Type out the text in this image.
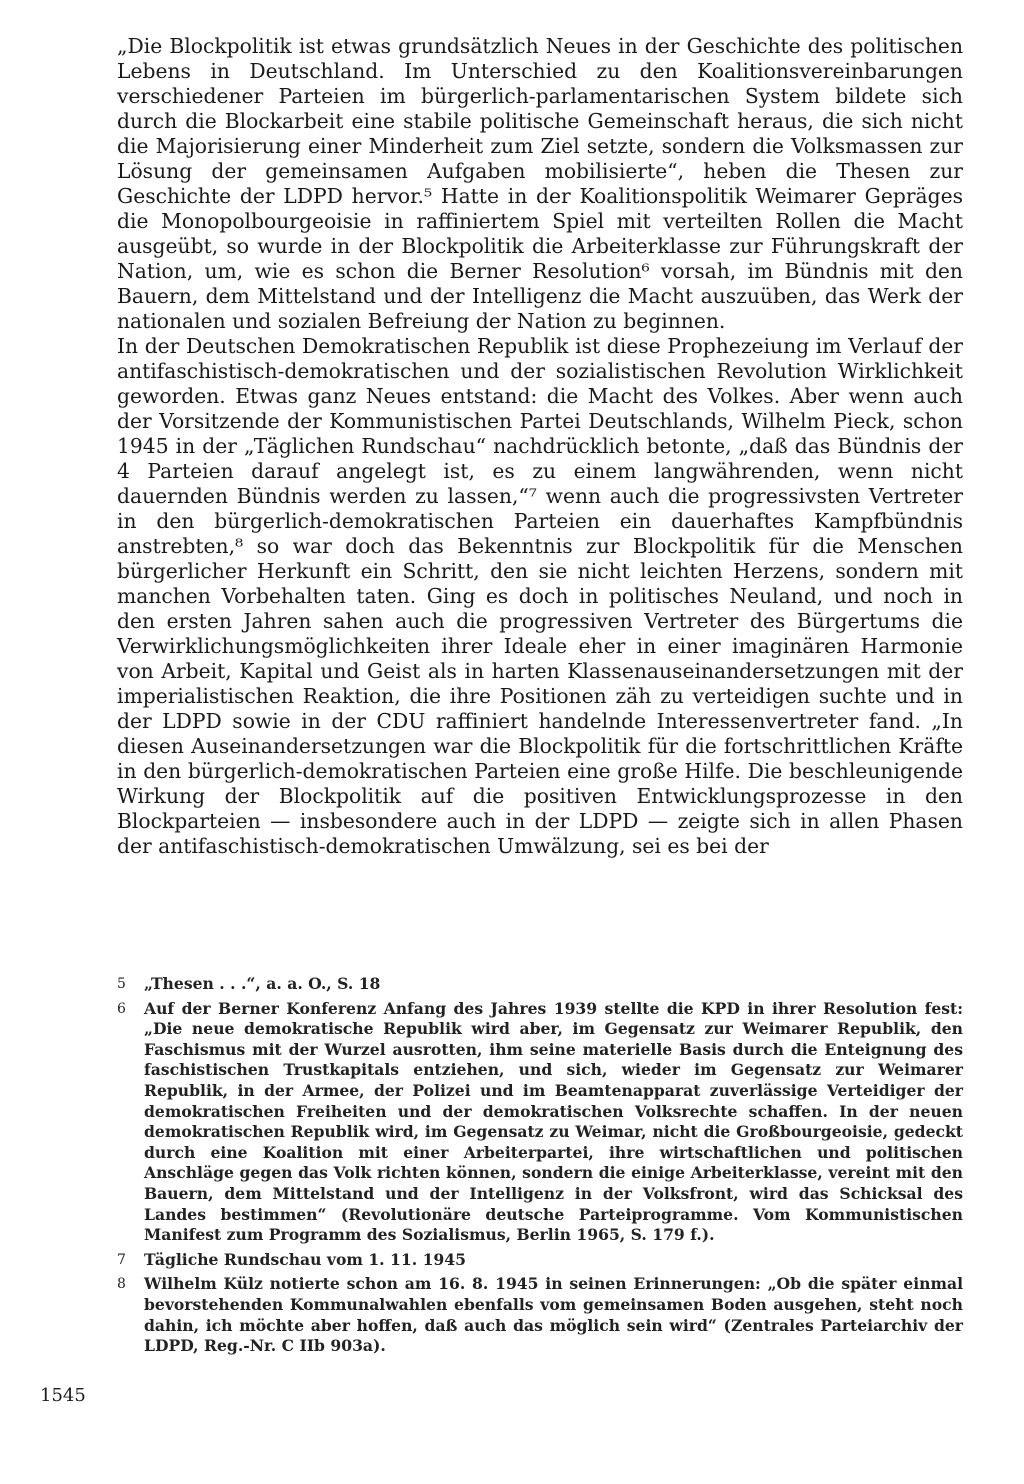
„Die Blockpolitik ist etwas grundsätzlich Neues in der Geschichte des politischen Lebens in Deutschland. Im Unterschied zu den Koalitionsvereinbarungen verschiedener Parteien im bürgerlich-parlamentarischen System bildete sich durch die Blockarbeit eine stabile politische Gemeinschaft heraus, die sich nicht die Majorisierung einer Minderheit zum Ziel setzte, sondern die Volksmassen zur Lösung der gemeinsamen Aufgaben mobilisierte“, heben die Thesen zur Geschichte der LDPD hervor.⁵ Hatte in der Koalitionspolitik Weimarer Gepräges die Monopolbourgeoisie in raffiniertem Spiel mit verteilten Rollen die Macht ausgeübt, so wurde in der Blockpolitik die Arbeiterklasse zur Führungskraft der Nation, um, wie es schon die Berner Resolution⁶ vorsah, im Bündnis mit den Bauern, dem Mittelstand und der Intelligenz die Macht auszuüben, das Werk der nationalen und sozialen Befreiung der Nation zu beginnen.

In der Deutschen Demokratischen Republik ist diese Prophezeiung im Verlauf der antifaschistisch-demokratischen und der sozialistischen Revolution Wirklichkeit geworden. Etwas ganz Neues entstand: die Macht des Volkes. Aber wenn auch der Vorsitzende der Kommunistischen Partei Deutschlands, Wilhelm Pieck, schon 1945 in der „Täglichen Rundschau“ nachdrücklich betonte, „daß das Bündnis der 4 Parteien darauf angelegt ist, es zu einem langwährenden, wenn nicht dauernden Bündnis werden zu lassen,“⁷ wenn auch die progressivsten Vertreter in den bürgerlich-demokratischen Parteien ein dauerhaftes Kampfbündnis anstrebten,⁸ so war doch das Bekenntnis zur Blockpolitik für die Menschen bürgerlicher Herkunft ein Schritt, den sie nicht leichten Herzens, sondern mit manchen Vorbehalten taten. Ging es doch in politisches Neuland, und noch in den ersten Jahren sahen auch die progressiven Vertreter des Bürgertums die Verwirklichungsmöglichkeiten ihrer Ideale eher in einer imaginären Harmonie von Arbeit, Kapital und Geist als in harten Klassenauseinandersetzungen mit der imperialistischen Reaktion, die ihre Positionen zäh zu verteidigen suchte und in der LDPD sowie in der CDU raffiniert handelnde Interessenvertreter fand. „In diesen Auseinandersetzungen war die Blockpolitik für die fortschrittlichen Kräfte in den bürgerlich-demokratischen Parteien eine große Hilfe. Die beschleunigende Wirkung der Blockpolitik auf die positiven Entwicklungsprozesse in den Blockparteien — insbesondere auch in der LDPD — zeigte sich in allen Phasen der antifaschistisch-demokratischen Umwälzung, sei es bei der

5 „Thesen . . .“, a. a. O., S. 18
6 Auf der Berner Konferenz Anfang des Jahres 1939 stellte die KPD in ihrer Resolution fest: „Die neue demokratische Republik wird aber, im Gegensatz zur Weimarer Republik, den Faschismus mit der Wurzel ausrotten, ihm seine materielle Basis durch die Enteignung des faschistischen Trustkapitals entziehen, und sich, wieder im Gegensatz zur Weimarer Republik, in der Armee, der Polizei und im Beamtenapparat zuverlässige Verteidiger der demokratischen Freiheiten und der demokratischen Volksrechte schaffen. In der neuen demokratischen Republik wird, im Gegensatz zu Weimar, nicht die Großbourgeoisie, gedeckt durch eine Koalition mit einer Arbeiterpartei, ihre wirtschaftlichen und politischen Anschläge gegen das Volk richten können, sondern die einige Arbeiterklasse, vereint mit den Bauern, dem Mittelstand und der Intelligenz in der Volksfront, wird das Schicksal des Landes bestimmen“ (Revolutionäre deutsche Parteiprogramme. Vom Kommunistischen Manifest zum Programm des Sozialismus, Berlin 1965, S. 179 f.).
7 Tägliche Rundschau vom 1. 11. 1945
8 Wilhelm Külz notierte schon am 16. 8. 1945 in seinen Erinnerungen: „Ob die später einmal bevorstehenden Kommunalwahlen ebenfalls vom gemeinsamen Boden ausgehen, steht noch dahin, ich möchte aber hoffen, daß auch das möglich sein wird“ (Zentrales Parteiarchiv der LDPD, Reg.-Nr. C IIb 903a).
1545
